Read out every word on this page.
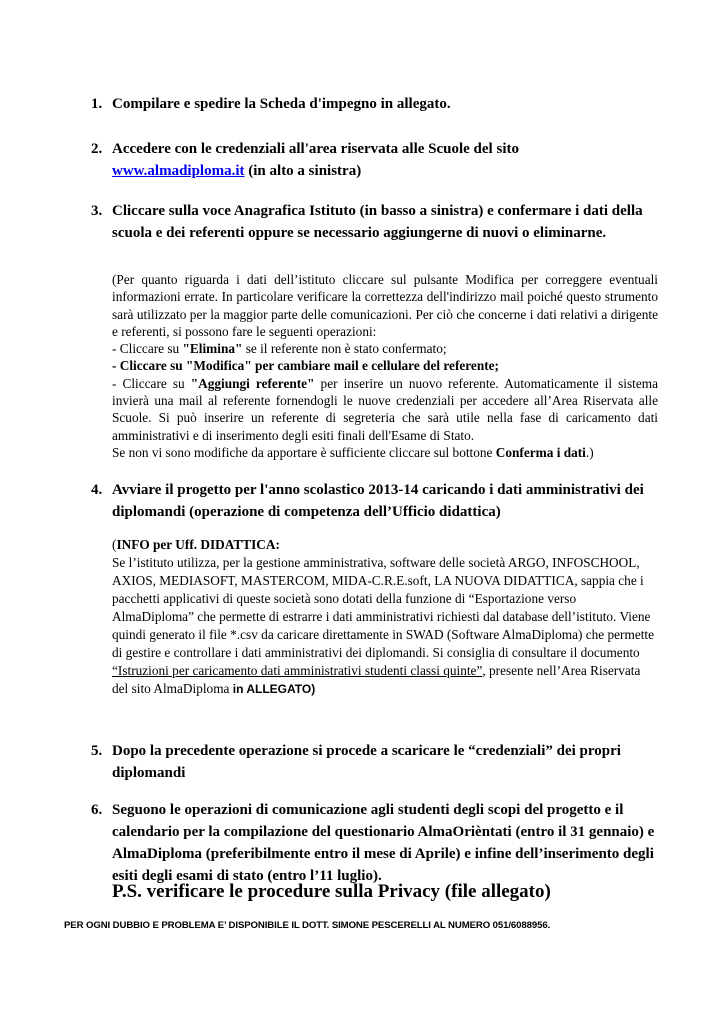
1. Compilare e spedire la Scheda d'impegno in allegato.
2. Accedere con le credenziali all'area riservata alle Scuole del sito
www.almadiploma.it (in alto a sinistra)
3. Cliccare sulla voce Anagrafica Istituto (in basso a sinistra) e confermare i dati della scuola e dei referenti oppure se necessario aggiungerne di nuovi o eliminarne.

(Per quanto riguarda i dati dell’istituto cliccare sul pulsante Modifica per correggere eventuali informazioni errate. In particolare verificare la correttezza dell'indirizzo mail poiché questo strumento sarà utilizzato per la maggior parte delle comunicazioni. Per ciò che concerne i dati relativi a dirigente e referenti, si possono fare le seguenti operazioni:

- Cliccare su "Elimina" se il referente non è stato confermato;

- Cliccare su "Modifica" per cambiare mail e cellulare del referente;

- Cliccare su "Aggiungi referente" per inserire un nuovo referente. Automaticamente il sistema invierà una mail al referente fornendogli le nuove credenziali per accedere all’Area Riservata alle Scuole. Si può inserire un referente di segreteria che sarà utile nella fase di caricamento dati amministrativi e di inserimento degli esiti finali dell'Esame di Stato.

Se non vi sono modifiche da apportare è sufficiente cliccare sul bottone Conferma i dati.)

4. Avviare il progetto per l'anno scolastico 2013-14 caricando i dati amministrativi dei diplomandi (operazione di competenza dell’Ufficio didattica)

(INFO per Uff. DIDATTICA:

Se l’istituto utilizza, per la gestione amministrativa, software delle società ARGO, INFOSCHOOL, AXIOS, MEDIASOFT, MASTERCOM, MIDA-C.R.E.soft, LA NUOVA DIDATTICA, sappia che i pacchetti applicativi di queste società sono dotati della funzione di “Esportazione verso AlmaDiploma” che permette di estrarre i dati amministrativi richiesti dal database dell’istituto. Viene quindi generato il file *.csv da caricare direttamente in SWAD (Software AlmaDiploma) che permette di gestire e controllare i dati amministrativi dei diplomandi. Si consiglia di consultare il documento “Istruzioni per caricamento dati amministrativi studenti classi quinte”, presente nell’Area Riservata del sito AlmaDiploma in ALLEGATO)

5. Dopo la precedente operazione si procede a scaricare le “credenziali” dei propri diplomandi
6. Seguono le operazioni di comunicazione agli studenti degli scopi del progetto e il calendario per la compilazione del questionario AlmaOrièntati (entro il 31 gennaio) e AlmaDiploma (preferibilmente entro il mese di Aprile) e infine dell’inserimento degli esiti degli esami di stato (entro l’11 luglio).
P.S. verificare le procedure sulla Privacy (file allegato)
PER OGNI DUBBIO E PROBLEMA E’ DISPONIBILE IL DOTT. SIMONE PESCERELLI AL NUMERO 051/6088956.
